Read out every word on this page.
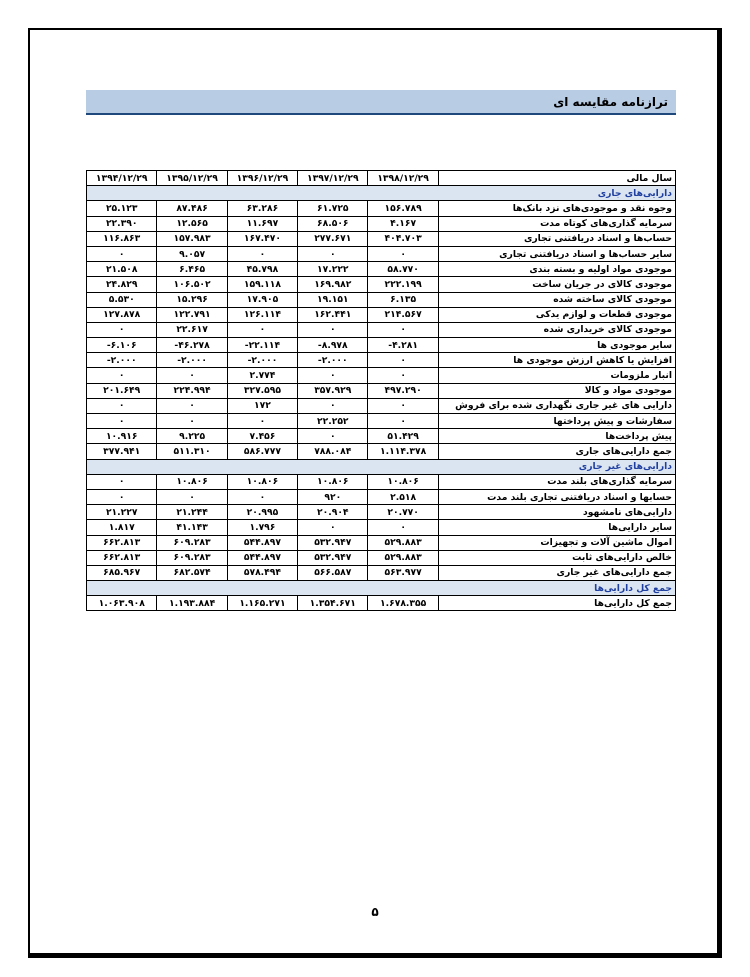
ترازنامه مقایسه ای
سال مالی	۱۳۹۸/۱۲/۲۹	۱۳۹۷/۱۲/۲۹	۱۳۹۶/۱۲/۲۹	۱۳۹۵/۱۲/۲۹	۱۳۹۴/۱۲/۲۹
دارایی‌های جاری					
وجوه نقد و موجودی‌های نزد بانک‌ها	۱۵۶.۷۸۹	۶۱.۷۲۵	۶۳.۲۸۶	۸۷.۴۸۶	۲۵.۱۲۳
سرمایه گذاری‌های کوتاه مدت	۴.۱۶۷	۶۸.۵۰۶	۱۱.۶۹۷	۱۲.۵۶۵	۲۲.۳۹۰
حساب‌ها و اسناد دریافتنی تجاری	۴۰۴.۷۰۳	۲۷۷.۶۷۱	۱۶۷.۴۷۰	۱۵۷.۹۸۳	۱۱۶.۸۶۳
سایر حساب‌ها و اسناد دریافتنی تجاری	۰	۰	۰	۹.۰۵۷	۰
موجودی مواد اولیه و بسته بندی	۵۸.۷۷۰	۱۷.۲۲۲	۴۵.۷۹۸	۶.۴۶۵	۲۱.۵۰۸
موجودی کالای در جریان ساخت	۲۲۲.۱۹۹	۱۶۹.۹۸۲	۱۵۹.۱۱۸	۱۰۶.۵۰۲	۲۴.۸۲۹
موجودی کالای ساخته شده	۶.۱۳۵	۱۹.۱۵۱	۱۷.۹۰۵	۱۵.۲۹۶	۵.۵۳۰
موجودی قطعات و لوازم یدکی	۲۱۴.۵۶۷	۱۶۲.۴۴۱	۱۲۶.۱۱۴	۱۲۲.۷۹۱	۱۲۷.۸۷۸
موجودی کالای خریداری شده	۰	۰	۰	۲۲.۶۱۷	۰
سایر موجودی ها	-۴.۲۸۱	-۸.۹۷۸	-۲۲.۱۱۴	-۴۶.۲۷۸	-۶.۱۰۶
افزایش یا کاهش ارزش موجودی ها	۰	-۲.۰۰۰	-۲.۰۰۰	-۲.۰۰۰	-۲.۰۰۰
انبار ملزومات	۰	۰	۲.۷۷۴	۰	۰
موجودی مواد و کالا	۴۹۷.۲۹۰	۳۵۷.۹۲۹	۳۲۷.۵۹۵	۲۲۴.۹۹۴	۲۰۱.۶۴۹
دارایی های غیر جاری نگهداری شده برای فروش	۰	۰	۱۷۲	۰	۰
سفارشات و پیش پرداختها	۰	۲۲.۲۵۲	۰	۰	۰
پیش پرداخت‌ها	۵۱.۴۲۹	۰	۷.۴۵۶	۹.۲۲۵	۱۰.۹۱۶
جمع دارایی‌های جاری	۱.۱۱۴.۳۷۸	۷۸۸.۰۸۴	۵۸۶.۷۷۷	۵۱۱.۳۱۰	۳۷۷.۹۴۱
دارایی‌های غیر جاری					
سرمایه گذاری‌های بلند مدت	۱۰.۸۰۶	۱۰.۸۰۶	۱۰.۸۰۶	۱۰.۸۰۶	۰
حسابها و اسناد دریافتنی تجاری بلند مدت	۲.۵۱۸	۹۲۰	۰	۰	۰
دارایی‌های نامشهود	۲۰.۷۷۰	۲۰.۹۰۴	۲۰.۹۹۵	۲۱.۲۴۴	۲۱.۲۲۷
سایر دارایی‌ها	۰	۰	۱.۷۹۶	۴۱.۱۴۳	۱.۸۱۷
اموال ماشین آلات و تجهیزات	۵۲۹.۸۸۳	۵۳۲.۹۴۷	۵۴۴.۸۹۷	۶۰۹.۲۸۳	۶۶۲.۸۱۳
خالص دارایی‌های ثابت	۵۲۹.۸۸۳	۵۳۲.۹۴۷	۵۴۴.۸۹۷	۶۰۹.۲۸۳	۶۶۲.۸۱۳
جمع دارایی‌های غیر جاری	۵۶۳.۹۷۷	۵۶۶.۵۸۷	۵۷۸.۴۹۴	۶۸۲.۵۷۴	۶۸۵.۹۶۷
جمع کل دارایی‌ها					
جمع کل دارایی‌ها	۱.۶۷۸.۳۵۵	۱.۳۵۴.۶۷۱	۱.۱۶۵.۲۷۱	۱.۱۹۳.۸۸۴	۱.۰۶۳.۹۰۸
۵
